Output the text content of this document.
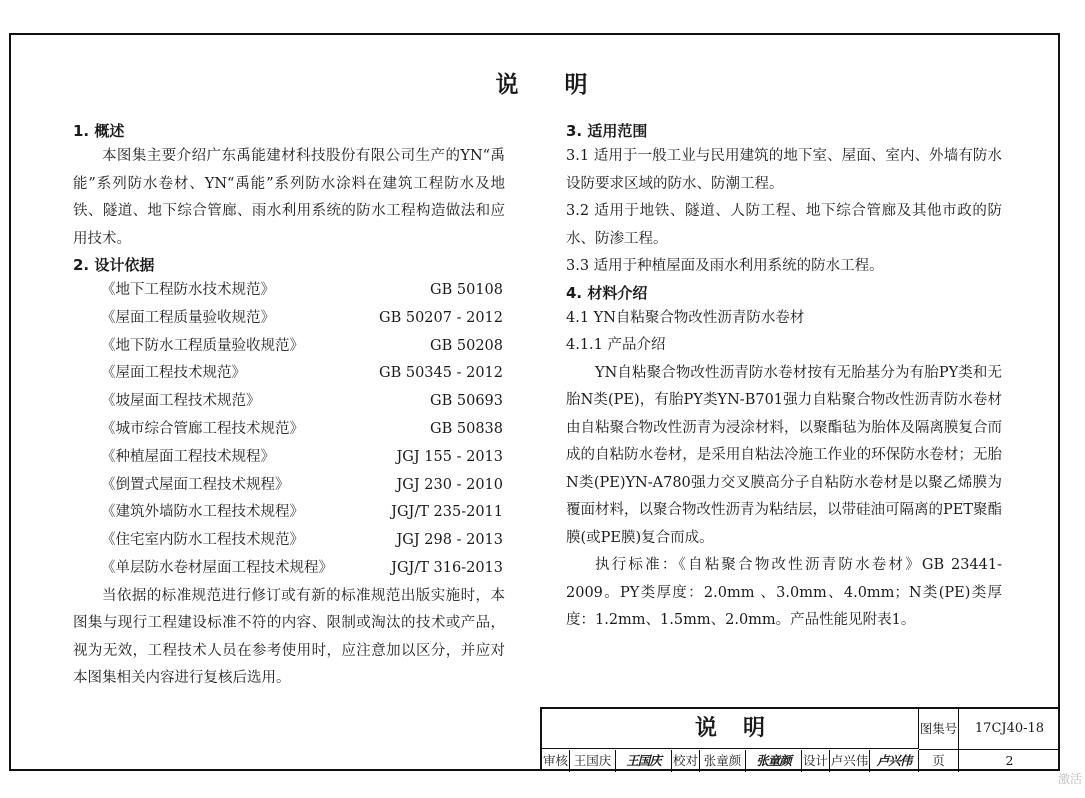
说 明
1. 概述
本图集主要介绍广东禹能建材科技股份有限公司生产的YN“禹能”系列防水卷材、YN“禹能”系列防水涂料在建筑工程防水及地铁、隧道、地下综合管廊、雨水利用系统的防水工程构造做法和应用技术。
2. 设计依据
《地下工程防水技术规范》	GB 50108
《屋面工程质量验收规范》	GB 50207 - 2012
《地下防水工程质量验收规范》	GB 50208
《屋面工程技术规范》	GB 50345 - 2012
《坡屋面工程技术规范》	GB 50693
《城市综合管廊工程技术规范》	GB 50838
《种植屋面工程技术规程》	JGJ 155 - 2013
《倒置式屋面工程技术规程》	JGJ 230 - 2010
《建筑外墙防水工程技术规程》	JGJ/T 235-2011
《住宅室内防水工程技术规范》	JGJ 298 - 2013
《单层防水卷材屋面工程技术规程》	JGJ/T 316-2013
当依据的标准规范进行修订或有新的标准规范出版实施时，本图集与现行工程建设标准不符的内容、限制或淘汰的技术或产品，视为无效，工程技术人员在参考使用时，应注意加以区分，并应对本图集相关内容进行复核后选用。
3. 适用范围
3.1 适用于一般工业与民用建筑的地下室、屋面、室内、外墙有防水设防要求区域的防水、防潮工程。
3.2 适用于地铁、隧道、人防工程、地下综合管廊及其他市政的防水、防渗工程。
3.3 适用于种植屋面及雨水利用系统的防水工程。
4. 材料介绍
4.1 YN自粘聚合物改性沥青防水卷材
4.1.1 产品介绍
YN自粘聚合物改性沥青防水卷材按有无胎基分为有胎PY类和无胎N类(PE)，有胎PY类YN-B701强力自粘聚合物改性沥青防水卷材由自粘聚合物改性沥青为浸涂材料，以聚酯毡为胎体及隔离膜复合而成的自粘防水卷材，是采用自粘法冷施工作业的环保防水卷材；无胎N类(PE)YN-A780强力交叉膜高分子自粘防水卷材是以聚乙烯膜为覆面材料，以聚合物改性沥青为粘结层，以带硅油可隔离的PET聚酯膜(或PE膜)复合而成。
执行标准：《自粘聚合物改性沥青防水卷材》GB 23441-2009。PY类厚度：2.0mm 、3.0mm、4.0mm；N类(PE)类厚度：1.2mm、1.5mm、2.0mm。产品性能见附表1。
说明	图集号	17CJ40-18
审核 王国庆	王国庆 校对 张童颜	张童颜 设计 卢兴伟 卢兴伟	页	2
激活
